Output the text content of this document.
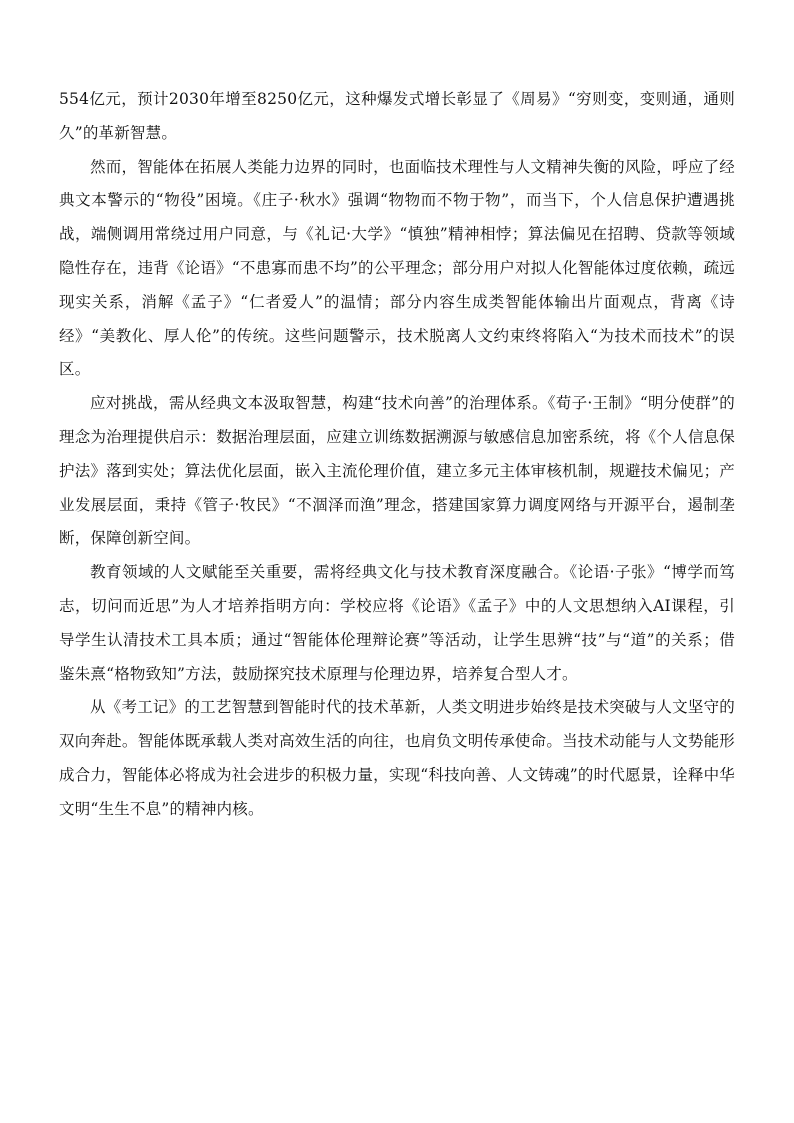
554亿元，预计2030年增至8250亿元，这种爆发式增长彰显了《周易》“穷则变，变则通，通则久”的革新智慧。

然而，智能体在拓展人类能力边界的同时，也面临技术理性与人文精神失衡的风险，呼应了经典文本警示的“物役”困境。《庄子·秋水》强调“物物而不物于物”，而当下，个人信息保护遭遇挑战，端侧调用常绕过用户同意，与《礼记·大学》“慎独”精神相悖；算法偏见在招聘、贷款等领域隐性存在，违背《论语》“不患寡而患不均”的公平理念；部分用户对拟人化智能体过度依赖，疏远现实关系，消解《孟子》“仁者爱人”的温情；部分内容生成类智能体输出片面观点，背离《诗经》“美教化、厚人伦”的传统。这些问题警示，技术脱离人文约束终将陷入“为技术而技术”的误区。

应对挑战，需从经典文本汲取智慧，构建“技术向善”的治理体系。《荀子·王制》“明分使群”的理念为治理提供启示：数据治理层面，应建立训练数据溯源与敏感信息加密系统，将《个人信息保护法》落到实处；算法优化层面，嵌入主流伦理价值，建立多元主体审核机制，规避技术偏见；产业发展层面，秉持《管子·牧民》“不涸泽而渔”理念，搭建国家算力调度网络与开源平台，遏制垄断，保障创新空间。

教育领域的人文赋能至关重要，需将经典文化与技术教育深度融合。《论语·子张》“博学而笃志，切问而近思”为人才培养指明方向：学校应将《论语》《孟子》中的人文思想纳入AI课程，引导学生认清技术工具本质；通过“智能体伦理辩论赛”等活动，让学生思辨“技”与“道”的关系；借鉴朱熹“格物致知”方法，鼓励探究技术原理与伦理边界，培养复合型人才。

从《考工记》的工艺智慧到智能时代的技术革新，人类文明进步始终是技术突破与人文坚守的双向奔赴。智能体既承载人类对高效生活的向往，也肩负文明传承使命。当技术动能与人文势能形成合力，智能体必将成为社会进步的积极力量，实现“科技向善、人文铸魂”的时代愿景，诠释中华文明“生生不息”的精神内核。
